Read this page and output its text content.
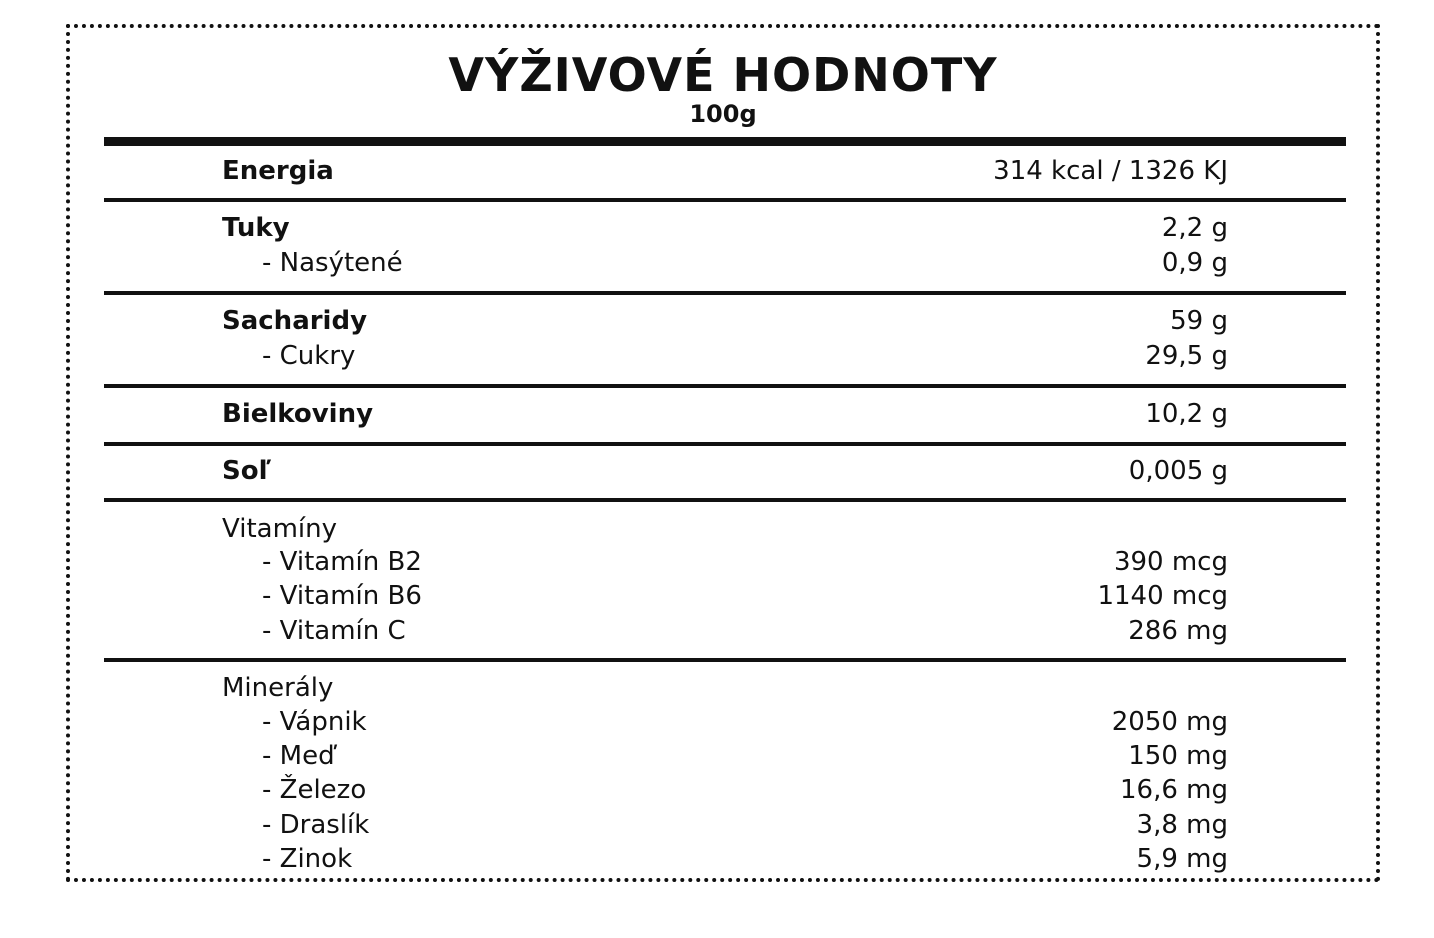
VÝŽIVOVÉ HODNOTY
100g
Energia	314 kcal / 1326 KJ
Tuky	2,2 g
- Nasýtené	0,9 g
Sacharidy	59 g
- Cukry	29,5 g
Bielkoviny	10,2 g
Soľ	0,005 g
Vitamíny
- Vitamín B2	390 mcg
- Vitamín B6	1140 mcg
- Vitamín C	286 mg
Minerály
- Vápnik	2050 mg
- Meď	150 mg
- Železo	16,6 mg
- Draslík	3,8 mg
- Zinok	5,9 mg
